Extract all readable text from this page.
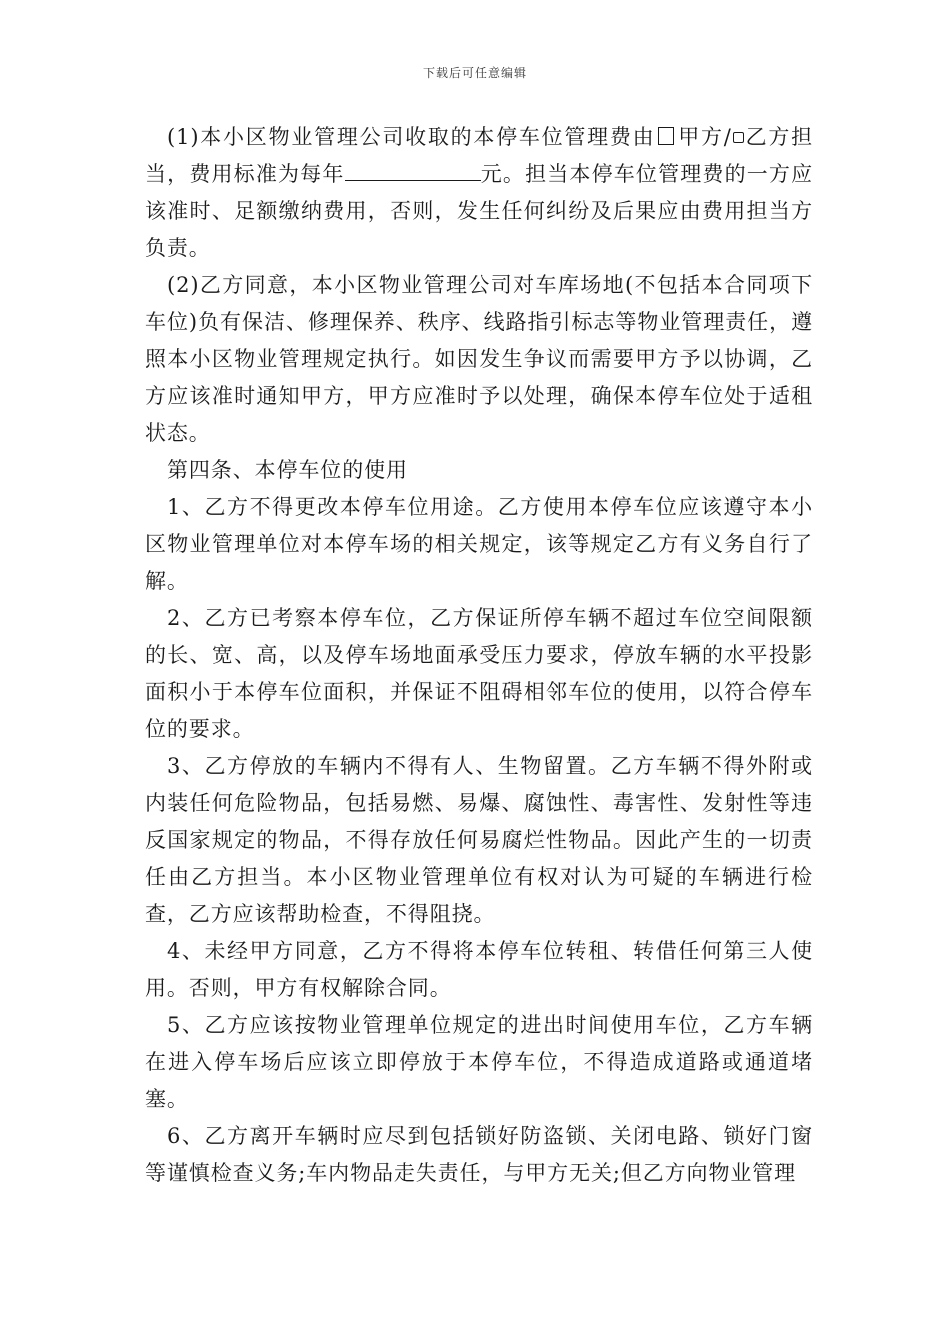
下载后可任意编辑

(1)本小区物业管理公司收取的本停车位管理费由 甲方/ 乙方担当，费用标准为每年	元。担当本停车位管理费的一方应该准时、足额缴纳费用，否则，发生任何纠纷及后果应由费用担当方负责。

(2)乙方同意，本小区物业管理公司对车库场地(不包括本合同项下车位)负有保洁、修理保养、秩序、线路指引标志等物业管理责任，遵照本小区物业管理规定执行。如因发生争议而需要甲方予以协调，乙方应该准时通知甲方，甲方应准时予以处理，确保本停车位处于适租状态。

第四条、本停车位的使用

1、乙方不得更改本停车位用途。乙方使用本停车位应该遵守本小区物业管理单位对本停车场的相关规定，该等规定乙方有义务自行了解。

2、乙方已考察本停车位，乙方保证所停车辆不超过车位空间限额的长、宽、高，以及停车场地面承受压力要求，停放车辆的水平投影面积小于本停车位面积，并保证不阻碍相邻车位的使用，以符合停车位的要求。

3、乙方停放的车辆内不得有人、生物留置。乙方车辆不得外附或内装任何危险物品，包括易燃、易爆、腐蚀性、毒害性、发射性等违反国家规定的物品，不得存放任何易腐烂性物品。因此产生的一切责任由乙方担当。本小区物业管理单位有权对认为可疑的车辆进行检查，乙方应该帮助检查，不得阻挠。

4、未经甲方同意，乙方不得将本停车位转租、转借任何第三人使用。否则，甲方有权解除合同。

5、乙方应该按物业管理单位规定的进出时间使用车位，乙方车辆在进入停车场后应该立即停放于本停车位，不得造成道路或通道堵塞。

6、乙方离开车辆时应尽到包括锁好防盗锁、关闭电路、锁好门窗等谨慎检查义务;车内物品走失责任，与甲方无关;但乙方向物业管理
